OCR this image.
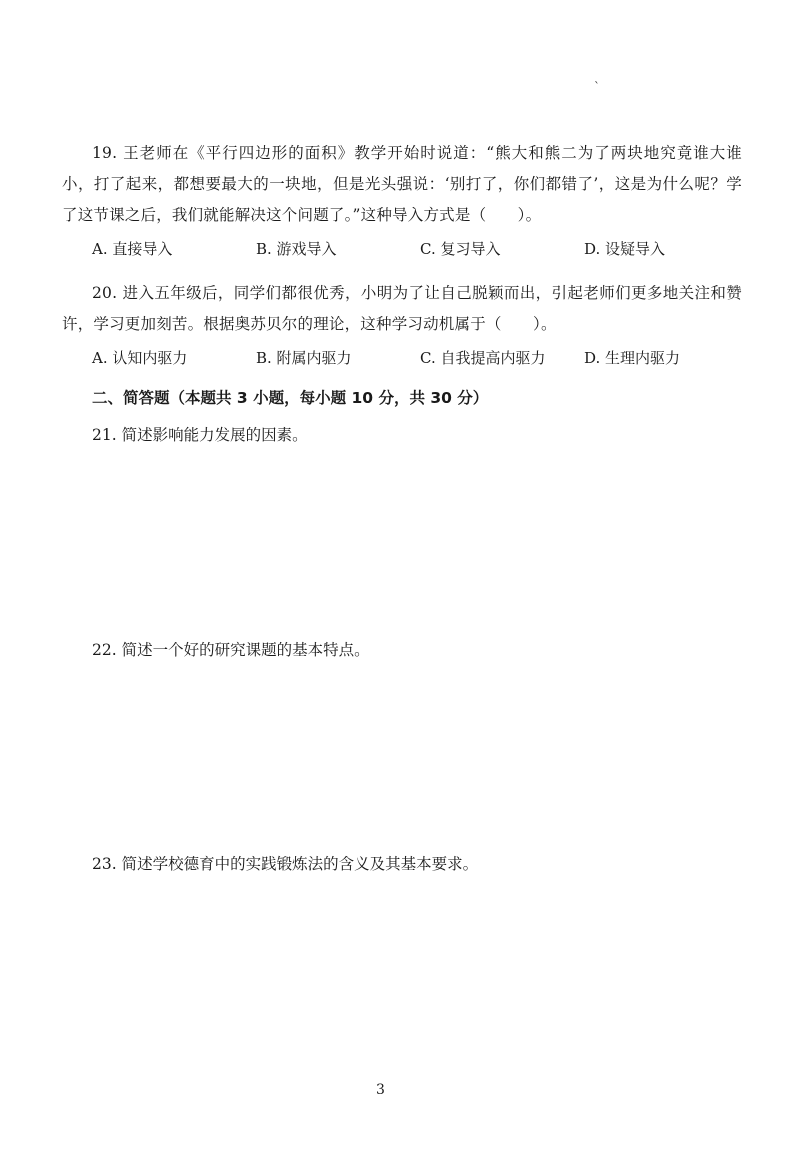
`

19. 王老师在《平行四边形的面积》教学开始时说道：“熊大和熊二为了两块地究竟谁大谁小，打了起来，都想要最大的一块地，但是光头强说：‘别打了，你们都错了’，这是为什么呢？学了这节课之后，我们就能解决这个问题了。”这种导入方式是（　　）。

A. 直接导入	B. 游戏导入	C. 复习导入	D. 设疑导入

20. 进入五年级后，同学们都很优秀，小明为了让自己脱颖而出，引起老师们更多地关注和赞许，学习更加刻苦。根据奥苏贝尔的理论，这种学习动机属于（　　）。

A. 认知内驱力	B. 附属内驱力	C. 自我提高内驱力	D. 生理内驱力

二、简答题（本题共 3 小题，每小题 10 分，共 30 分）

21. 简述影响能力发展的因素。

22. 简述一个好的研究课题的基本特点。

23. 简述学校德育中的实践锻炼法的含义及其基本要求。

3
